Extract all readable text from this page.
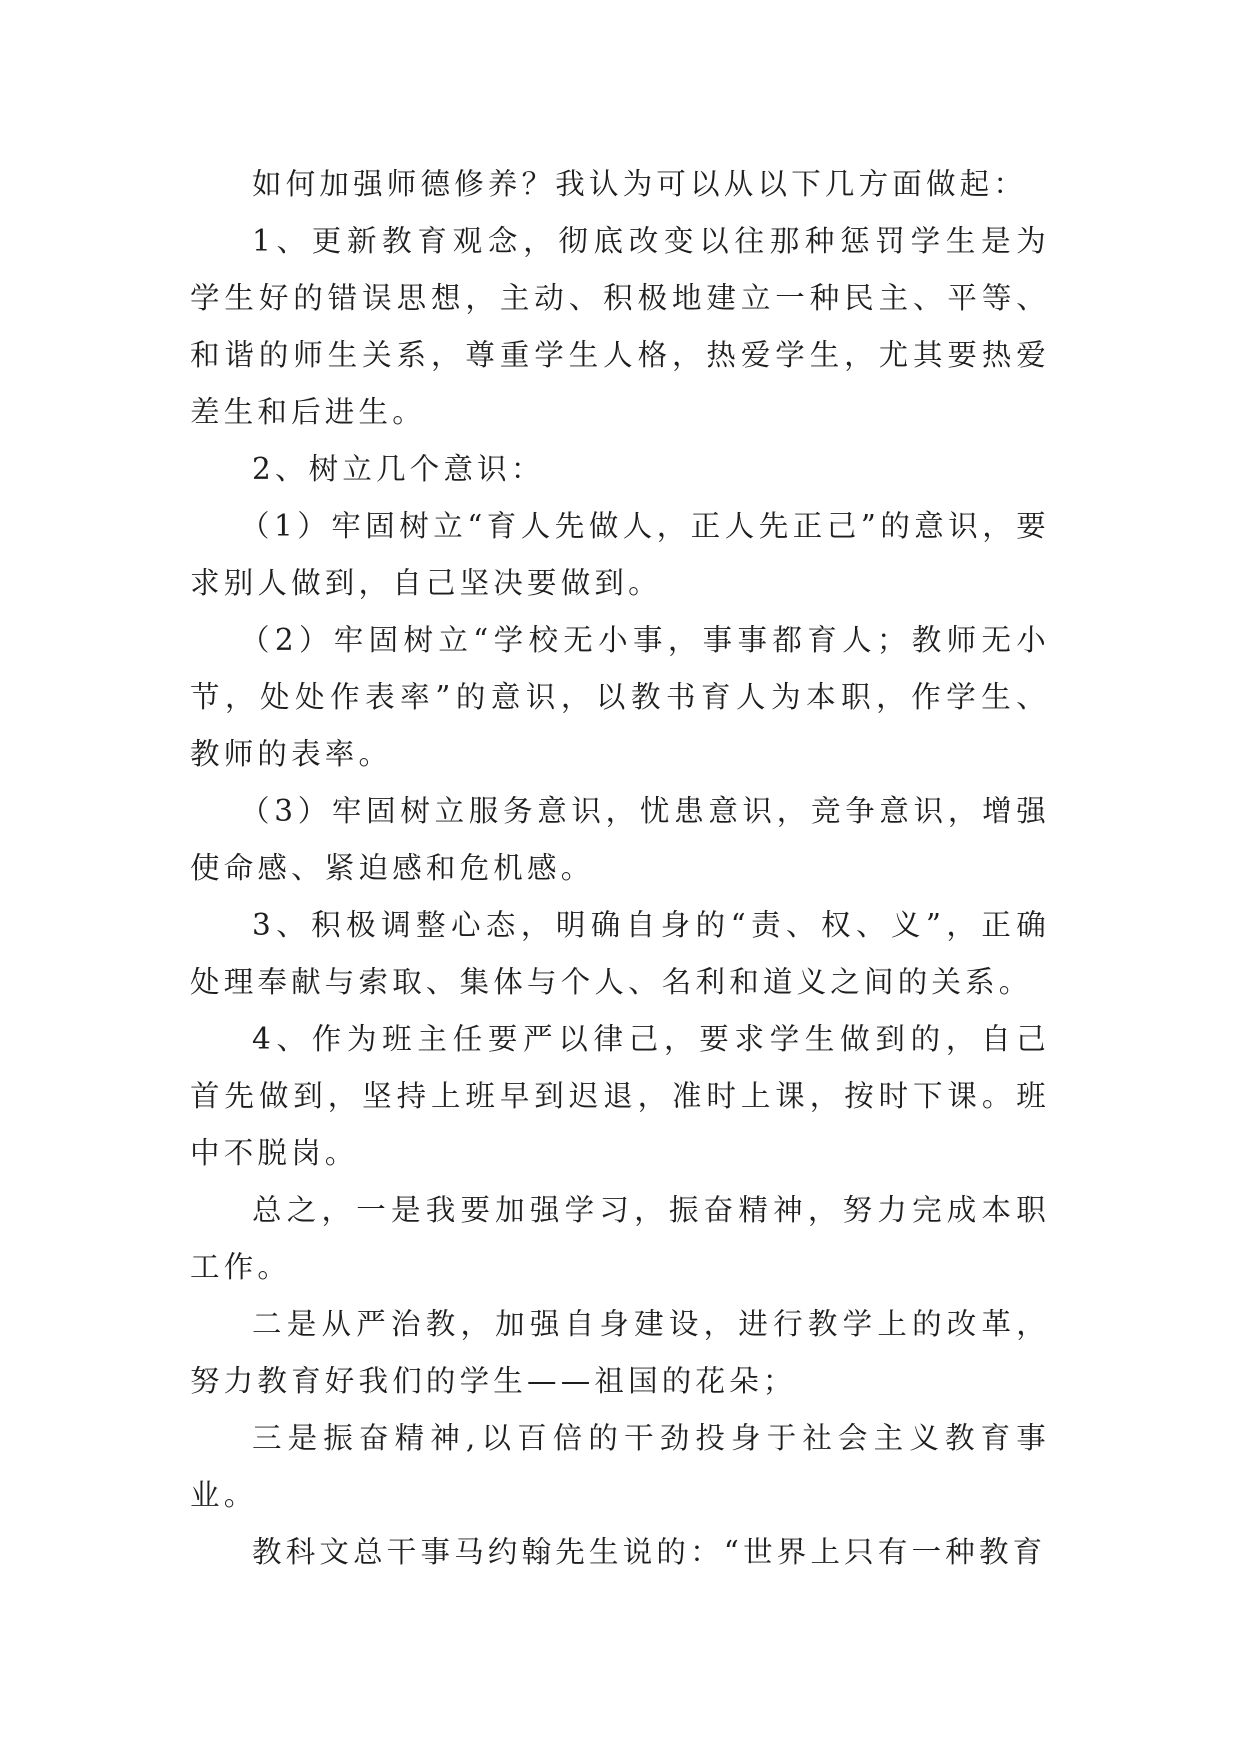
如何加强师德修养？我认为可以从以下几方面做起：

1、更新教育观念，彻底改变以往那种惩罚学生是为学生好的错误思想，主动、积极地建立一种民主、平等、和谐的师生关系，尊重学生人格，热爱学生，尤其要热爱差生和后进生。

2、树立几个意识：

（1）牢固树立“育人先做人，正人先正己”的意识，要求别人做到，自己坚决要做到。

（2）牢固树立“学校无小事，事事都育人；教师无小节，处处作表率”的意识，以教书育人为本职，作学生、教师的表率。

（3）牢固树立服务意识，忧患意识，竞争意识，增强使命感、紧迫感和危机感。

3、积极调整心态，明确自身的“责、权、义”，正确处理奉献与索取、集体与个人、名利和道义之间的关系。

4、作为班主任要严以律己，要求学生做到的，自己首先做到，坚持上班早到迟退，准时上课，按时下课。班中不脱岗。

总之，一是我要加强学习，振奋精神，努力完成本职工作。

二是从严治教，加强自身建设，进行教学上的改革，努力教育好我们的学生——祖国的花朵；

三是振奋精神,以百倍的干劲投身于社会主义教育事业。

教科文总干事马约翰先生说的：“世界上只有一种教育
